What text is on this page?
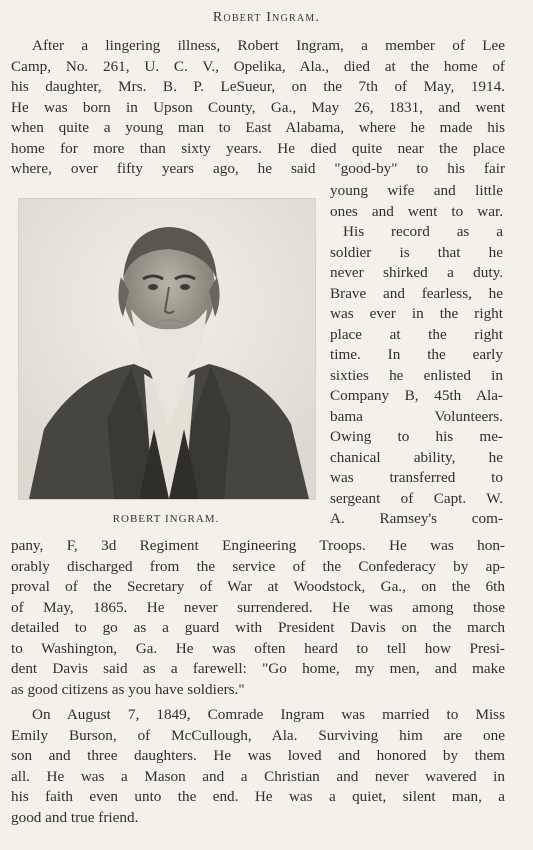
Robert Ingram.
After a lingering illness, Robert Ingram, a member of Lee
Camp, No. 261, U. C. V., Opelika, Ala., died at the home of
his daughter, Mrs. B. P. LeSueur, on the 7th of May, 1914.
He was born in Upson County, Ga., May 26, 1831, and went
when quite a young man to East Alabama, where he made his
home for more than sixty years. He died quite near the place
where, over fifty years ago, he said "good-by" to his fair
young wife and little
ones and went to war.
His record as a
soldier is that he
never shirked a duty.
Brave and fearless, he
was ever in the right
place at the right
time. In the early
sixties he enlisted in
Company B, 45th Ala-
bama Volunteers.
Owing to his me-
chanical ability, he
was transferred to
sergeant of Capt. W.
A. Ramsey's com-
pany, F, 3d Regiment Engineering Troops. He was hon-
orably discharged from the service of the Confederacy by ap-
proval of the Secretary of War at Woodstock, Ga., on the 6th
of May, 1865. He never surrendered. He was among those
detailed to go as a guard with President Davis on the march
to Washington, Ga. He was often heard to tell how Presi-
dent Davis said as a farewell: "Go home, my men, and make
as good citizens as you have soldiers."
On August 7, 1849, Comrade Ingram was married to Miss
Emily Burson, of McCullough, Ala. Surviving him are one
son and three daughters. He was loved and honored by them
all. He was a Mason and a Christian and never wavered in
his faith even unto the end. He was a quiet, silent man, a
good and true friend.
ROBERT INGRAM.
